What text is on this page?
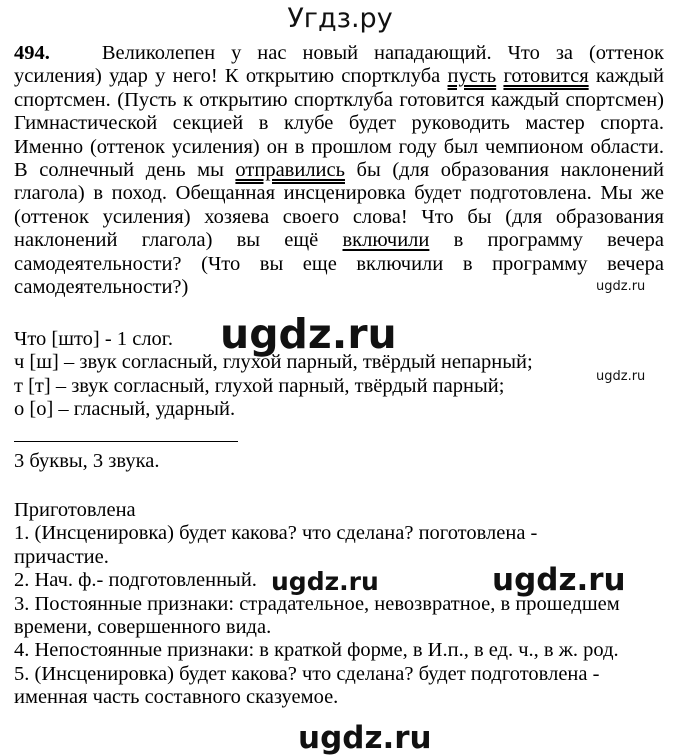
Угдз.ру
494.	Великолепен у нас новый нападающий. Что за (оттенок усиления) удар у него! К открытию спортклуба пусть готовится каждый спортсмен. (Пусть к открытию спортклуба готовится каждый спортсмен) Гимнастической секцией в клубе будет руководить мастер спорта. Именно (оттенок усиления) он в прошлом году был чемпионом области. В солнечный день мы отправились бы (для образования наклонений глагола) в поход. Обещанная инсценировка будет подготовлена. Мы же (оттенок усиления) хозяева своего слова! Что бы (для образования наклонений глагола) вы ещё включили в программу вечера самодеятельности? (Что вы еще включили в программу вечера самодеятельности?)
Что [што] - 1 слог.
ч [ш] – звук согласный, глухой парный, твёрдый непарный;
т [т] – звук согласный, глухой парный, твёрдый парный;
о [о] – гласный, ударный.
3 буквы, 3 звука.
Приготовлена
1. (Инсценировка) будет какова? что сделана? поготовлена -
причастие.
2. Нач. ф.- подготовленный.
3. Постоянные признаки: страдательное, невозвратное, в прошедшем
времени, совершенного вида.
4. Непостоянные признаки: в краткой форме, в И.п., в ед. ч., в ж. род.
5. (Инсценировка) будет какова? что сделана? будет подготовлена -
именная часть составного сказуемое.
ugdz.ru
ugdz.ru
ugdz.ru
ugdz.ru	ugdz.ru
ugdz.ru
